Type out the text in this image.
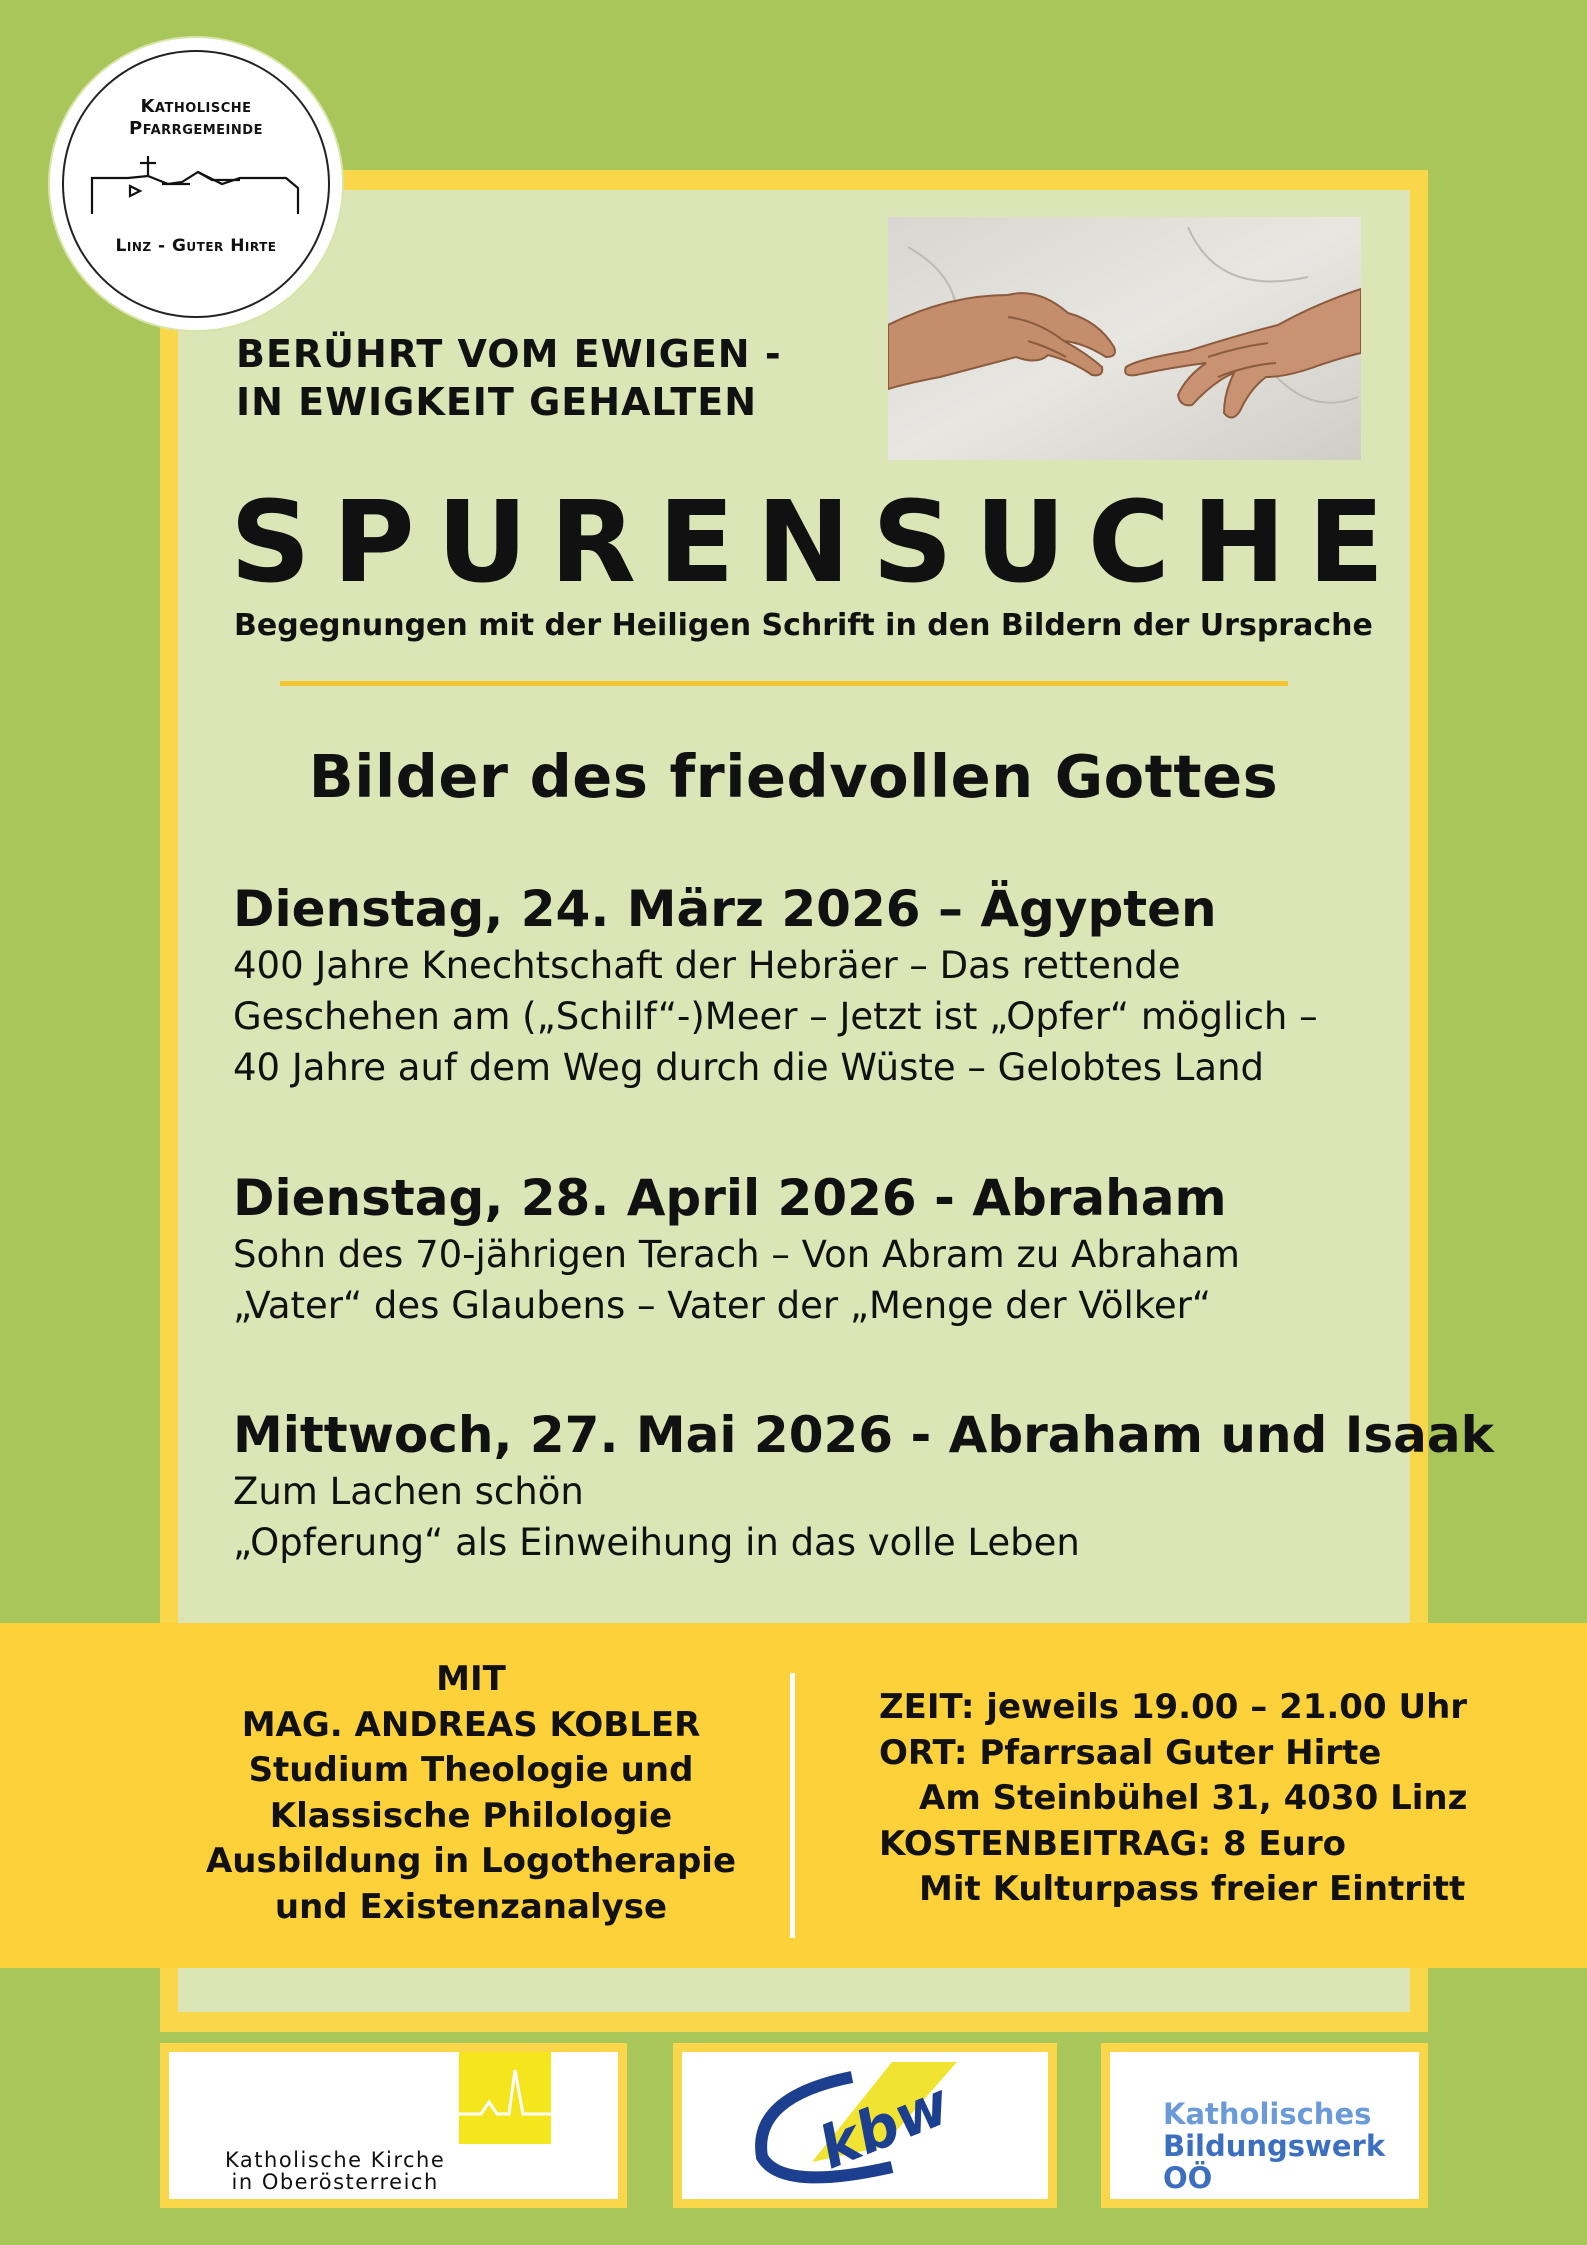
Katholische
Pfarrgemeinde
Linz - Guter Hirte
BERÜHRT VOM EWIGEN -
IN EWIGKEIT GEHALTEN
SPURENSUCHE
Begegnungen mit der Heiligen Schrift in den Bildern der Ursprache
Bilder des friedvollen Gottes
Dienstag, 24. März 2026 – Ägypten
400 Jahre Knechtschaft der Hebräer – Das rettende
Geschehen am („Schilf“-)Meer – Jetzt ist „Opfer“ möglich –
40 Jahre auf dem Weg durch die Wüste – Gelobtes Land
Dienstag, 28. April 2026 - Abraham
Sohn des 70-jährigen Terach – Von Abram zu Abraham
„Vater“ des Glaubens – Vater der „Menge der Völker“
Mittwoch, 27. Mai 2026 - Abraham und Isaak
Zum Lachen schön
„Opferung“ als Einweihung in das volle Leben
MIT
MAG. ANDREAS KOBLER
Studium Theologie und
Klassische Philologie
Ausbildung in Logotherapie
und Existenzanalyse
ZEIT: jeweils 19.00 – 21.00 Uhr
ORT: Pfarrsaal Guter Hirte
Am Steinbühel 31, 4030 Linz
KOSTENBEITRAG: 8 Euro
Mit Kulturpass freier Eintritt
Katholische Kirche
in Oberösterreich	kbw	Katholisches
Bildungswerk OÖ
